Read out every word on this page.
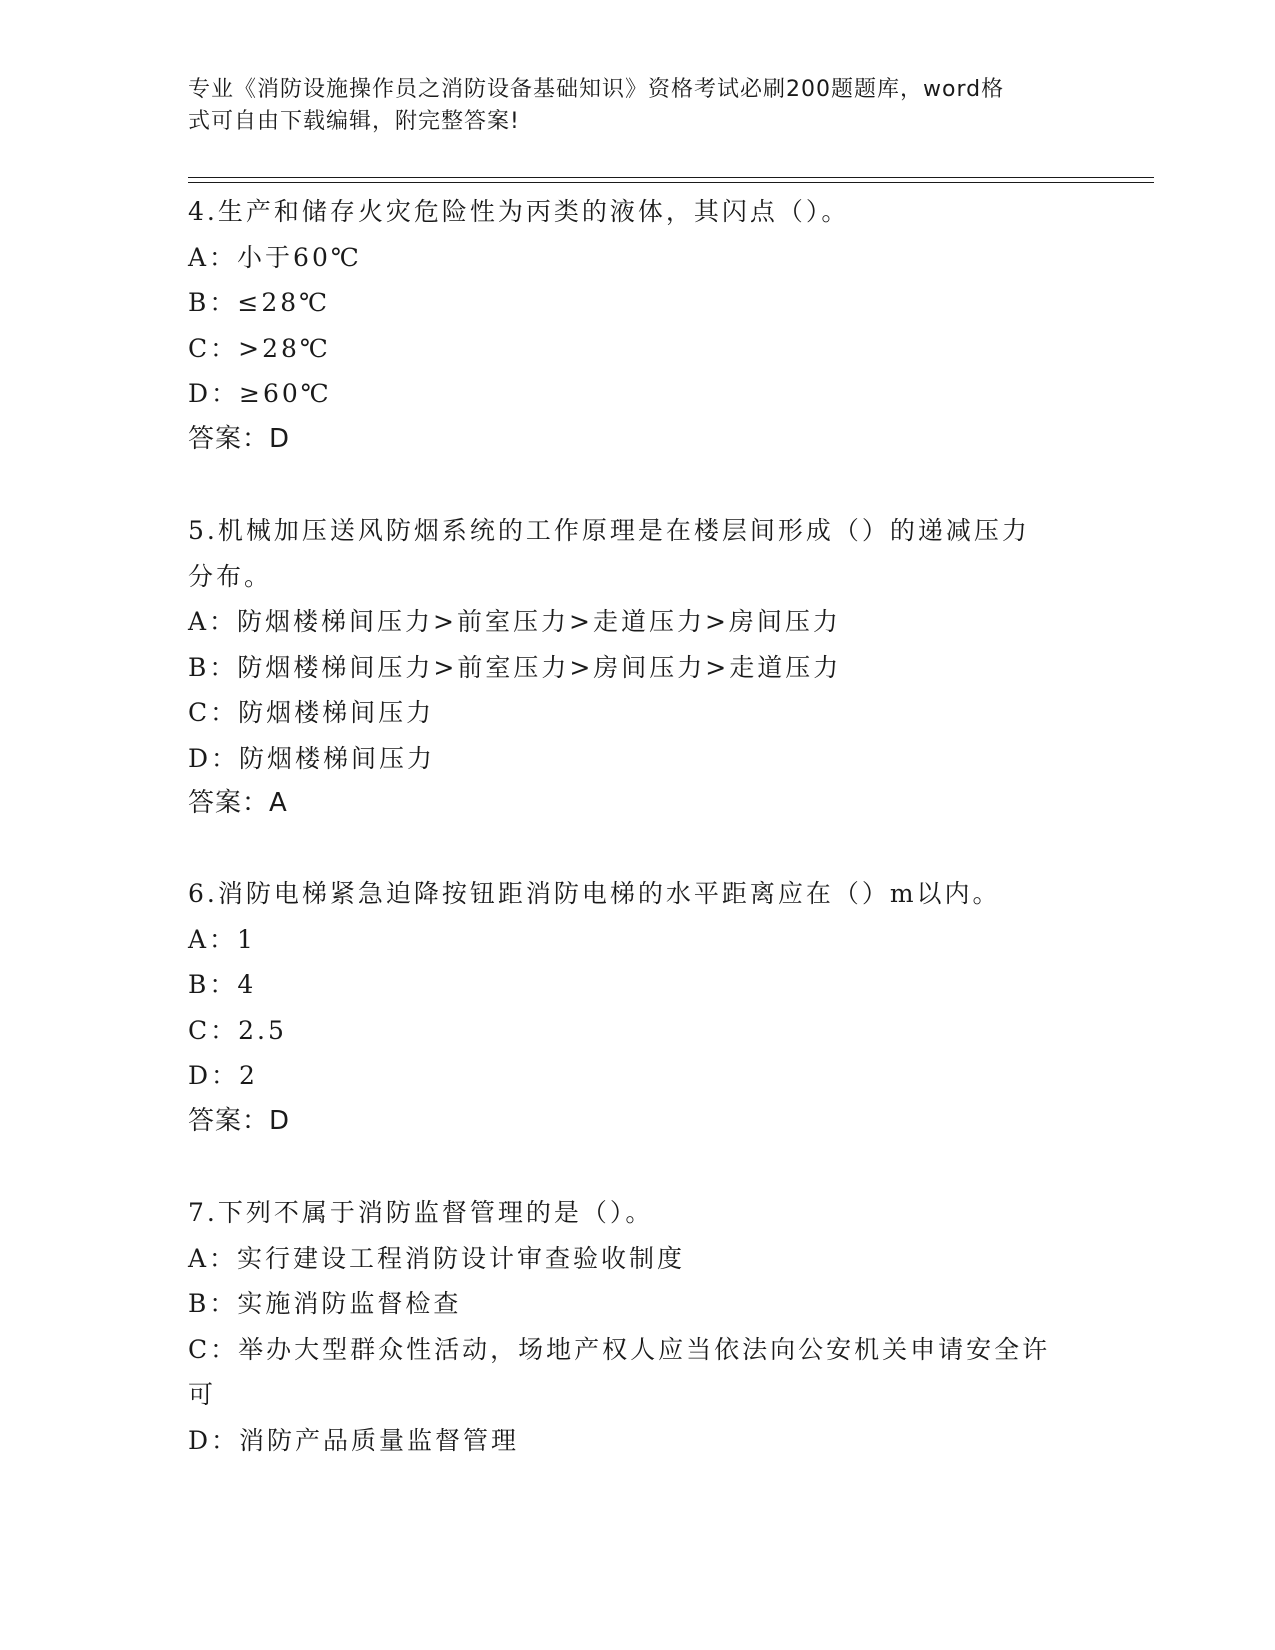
专业《消防设施操作员之消防设备基础知识》资格考试必刷200题题库，word格
式可自由下载编辑，附完整答案!
4.生产和储存火灾危险性为丙类的液体，其闪点（）。
A：小于60℃
B：≤28℃
C：>28℃
D：≥60℃
答案：D
5.机械加压送风防烟系统的工作原理是在楼层间形成（）的递减压力
分布。
A：防烟楼梯间压力>前室压力>走道压力>房间压力
B：防烟楼梯间压力>前室压力>房间压力>走道压力
C：防烟楼梯间压力
D：防烟楼梯间压力
答案：A
6.消防电梯紧急迫降按钮距消防电梯的水平距离应在（）m以内。
A：1
B：4
C：2.5
D：2
答案：D
7.下列不属于消防监督管理的是（）。
A：实行建设工程消防设计审查验收制度
B：实施消防监督检查
C：举办大型群众性活动，场地产权人应当依法向公安机关申请安全许
可
D：消防产品质量监督管理
